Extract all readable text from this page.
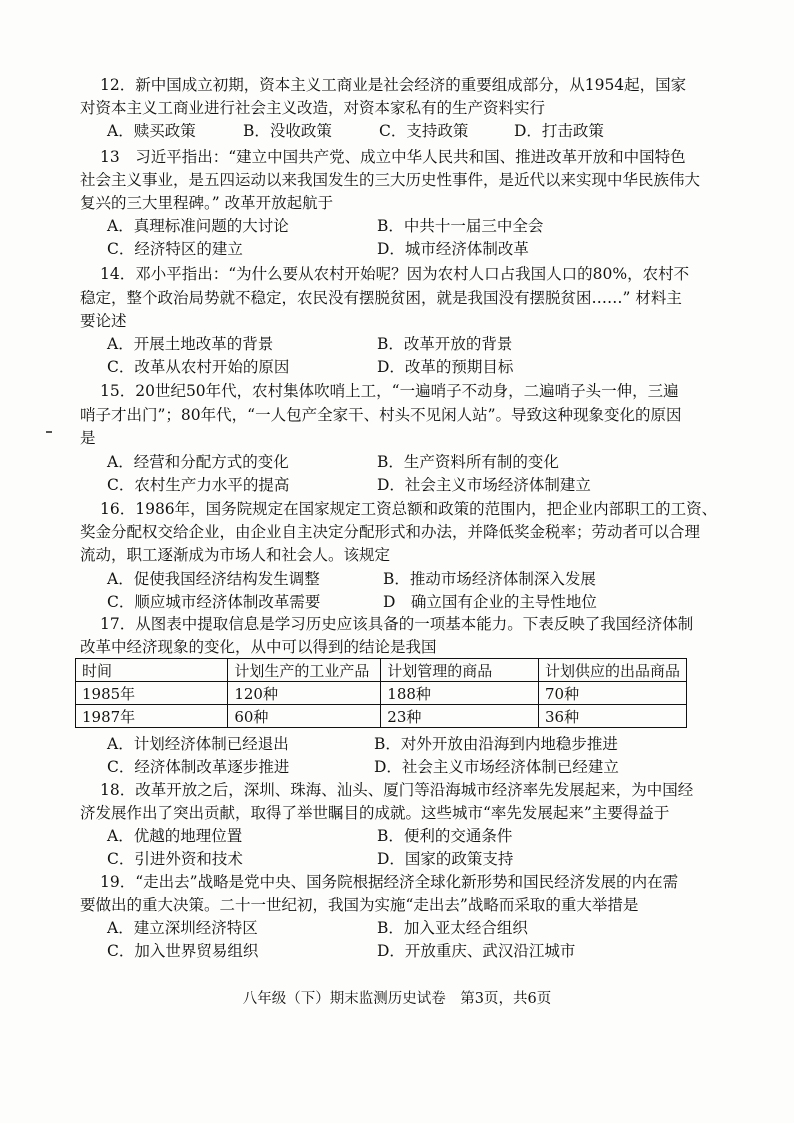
12．新中国成立初期，资本主义工商业是社会经济的重要组成部分，从1954起，国家
对资本主义工商业进行社会主义改造，对资本家私有的生产资料实行
A．赎买政策	B．没收政策	C．支持政策	D．打击政策
13　习近平指出：“建立中国共产党、成立中华人民共和国、推进改革开放和中国特色
社会主义事业，是五四运动以来我国发生的三大历史性事件，是近代以来实现中华民族伟大
复兴的三大里程碑。” 改革开放起航于
A．真理标准问题的大讨论	B．中共十一届三中全会
C．经济特区的建立	D．城市经济体制改革
14．邓小平指出：“为什么要从农村开始呢？因为农村人口占我国人口的80%，农村不
稳定，整个政治局势就不稳定，农民没有摆脱贫困，就是我国没有摆脱贫困……” 材料主
要论述
A．开展土地改革的背景	B．改革开放的背景
C．改革从农村开始的原因	D．改革的预期目标
15．20世纪50年代，农村集体吹哨上工，“一遍哨子不动身，二遍哨子头一伸，三遍
哨子才出门”；80年代，“一人包产全家干、村头不见闲人站”。导致这种现象变化的原因
是
A．经营和分配方式的变化	B．生产资料所有制的变化
C．农村生产力水平的提高	D．社会主义市场经济体制建立
16．1986年，国务院规定在国家规定工资总额和政策的范围内，把企业内部职工的工资、
奖金分配权交给企业，由企业自主决定分配形式和办法，并降低奖金税率；劳动者可以合理
流动，职工逐渐成为市场人和社会人。该规定
A．促使我国经济结构发生调整	B．推动市场经济体制深入发展
C．顺应城市经济体制改革需要	D　确立国有企业的主导性地位
17．从图表中提取信息是学习历史应该具备的一项基本能力。下表反映了我国经济体制
改革中经济现象的变化，从中可以得到的结论是我国
时间	计划生产的工业产品	计划管理的商品	计划供应的出品商品
1985年	120种	188种	70种
1987年	60种	23种	36种
A．计划经济体制已经退出	B．对外开放由沿海到内地稳步推进
C．经济体制改革逐步推进	D．社会主义市场经济体制已经建立
18．改革开放之后，深圳、珠海、汕头、厦门等沿海城市经济率先发展起来，为中国经
济发展作出了突出贡献，取得了举世瞩目的成就。这些城市“率先发展起来”主要得益于
A．优越的地理位置	B．便利的交通条件
C．引进外资和技术	D．国家的政策支持
19．“走出去”战略是党中央、国务院根据经济全球化新形势和国民经济发展的内在需
要做出的重大决策。二十一世纪初，我国为实施“走出去”战略而采取的重大举措是
A．建立深圳经济特区	B．加入亚太经合组织
C．加入世界贸易组织	D．开放重庆、武汉沿江城市
八年级（下）期末监测历史试卷　第3页，共6页
